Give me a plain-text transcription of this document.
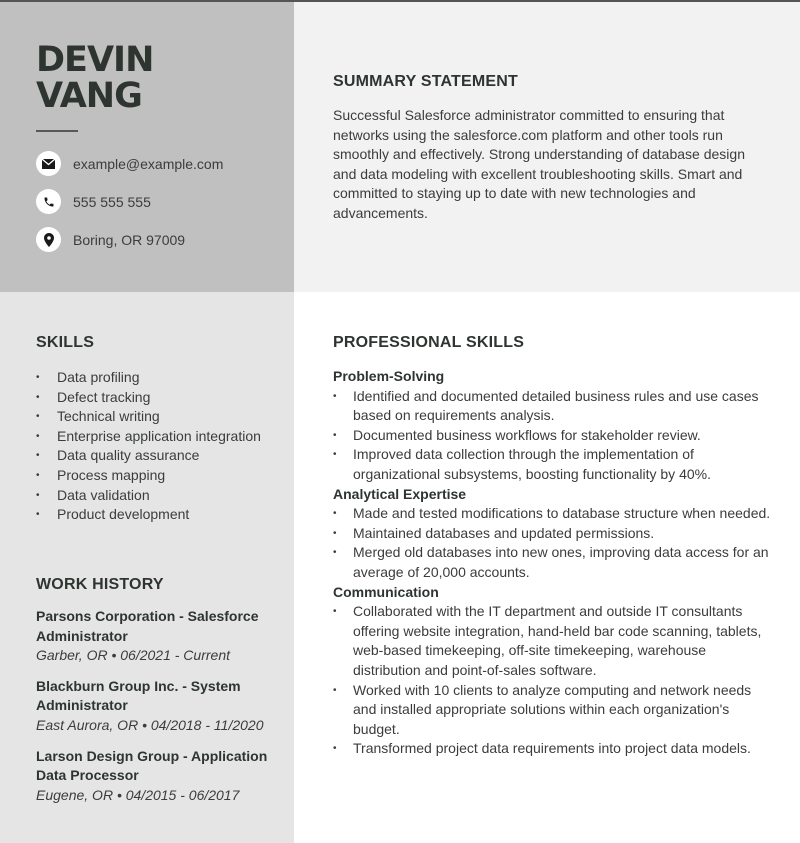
DEVIN
VANG
example@example.com
555 555 555
Boring, OR 97009
SUMMARY STATEMENT
Successful Salesforce administrator committed to ensuring that networks using the salesforce.com platform and other tools run smoothly and effectively. Strong understanding of database design and data modeling with excellent troubleshooting skills. Smart and committed to staying up to date with new technologies and advancements.
SKILLS
• Data profiling
• Defect tracking
• Technical writing
• Enterprise application integration
• Data quality assurance
• Process mapping
• Data validation
• Product development
WORK HISTORY
Parsons Corporation - Salesforce Administrator
Garber, OR • 06/2021 - Current
Blackburn Group Inc. - System Administrator
East Aurora, OR • 04/2018 - 11/2020
Larson Design Group - Application Data Processor
Eugene, OR • 04/2015 - 06/2017
PROFESSIONAL SKILLS
Problem-Solving
• Identified and documented detailed business rules and use cases based on requirements analysis.
• Documented business workflows for stakeholder review.
• Improved data collection through the implementation of organizational subsystems, boosting functionality by 40%.
Analytical Expertise
• Made and tested modifications to database structure when needed.
• Maintained databases and updated permissions.
• Merged old databases into new ones, improving data access for an average of 20,000 accounts.
Communication
• Collaborated with the IT department and outside IT consultants offering website integration, hand-held bar code scanning, tablets, web-based timekeeping, off-site timekeeping, warehouse distribution and point-of-sales software.
• Worked with 10 clients to analyze computing and network needs and installed appropriate solutions within each organization's budget.
• Transformed project data requirements into project data models.
